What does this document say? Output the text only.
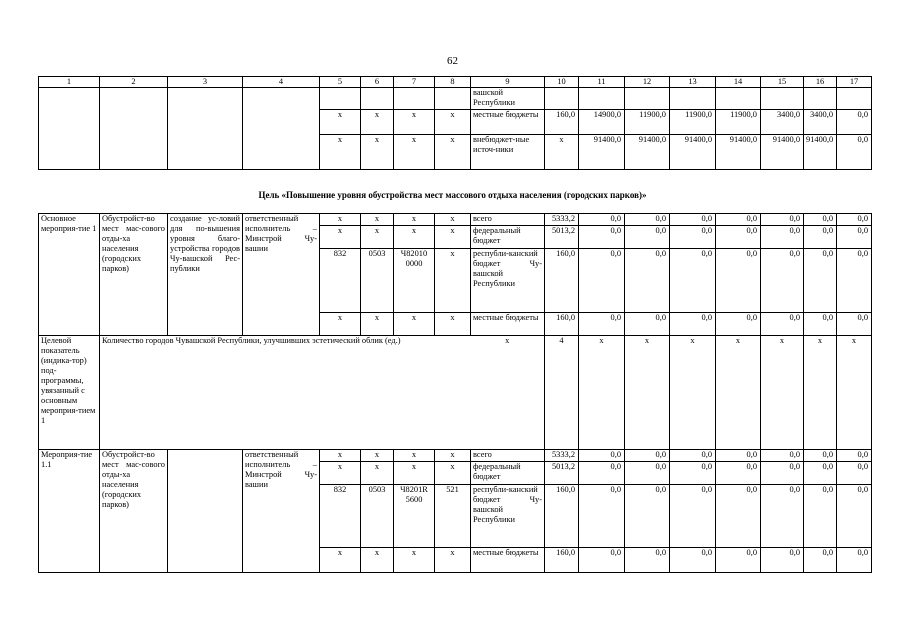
62
1	2	3	4	5	6	7	8	9	10	11	12	13	14	15	16	17
								вашской Республики								
				x	x	x	x	местные бюджеты	160,0	14900,0	11900,0	11900,0	11900,0	3400,0	3400,0	0,0
				x	x	x	x	внебюджет-ные источ-ники	x	91400,0	91400,0	91400,0	91400,0	91400,0	91400,0	0,0
Цель «Повышение уровня обустройства мест массового отдыха населения (городских парков)»
Основное мероприя-тие 1	Обустройст-во мест мас-сового отды-ха населения (городских парков)	создание ус-ловий для по-вышения уровня благо-устройства городов Чу-вашской Рес-публики	ответственный исполнитель – Минстрой Чу-вашии	x	x	x	x	всего	5333,2	0,0	0,0	0,0	0,0	0,0	0,0	0,0
				x	x	x	x	федеральный бюджет	5013,2	0,0	0,0	0,0	0,0	0,0	0,0	0,0
				832	0503	Ч82010 0000	x	республи-канский бюджет Чу-вашской Республики	160,0	0,0	0,0	0,0	0,0	0,0	0,0	0,0
				x	x	x	x	местные бюджеты	160,0	0,0	0,0	0,0	0,0	0,0	0,0	0,0
Целевой показатель (индика-тор) под-программы, увязанный с основным мероприя-тием 1	Количество городов Чувашской Республики, улучшивших эстетический облик (ед.)							x	4	x	x	x	x	x	x	x
Мероприя-тие 1.1	Обустройст-во мест мас-сового отды-ха населения (городских парков)		ответственный исполнитель – Минстрой Чу-вашии	x	x	x	x	всего	5333,2	0,0	0,0	0,0	0,0	0,0	0,0	0,0
				x	x	x	x	федеральный бюджет	5013,2	0,0	0,0	0,0	0,0	0,0	0,0	0,0
				832	0503	Ч8201R 5600	521	республи-канский бюджет Чу-вашской Республики	160,0	0,0	0,0	0,0	0,0	0,0	0,0	0,0
				x	x	x	x	местные бюджеты	160,0	0,0	0,0	0,0	0,0	0,0	0,0	0,0
